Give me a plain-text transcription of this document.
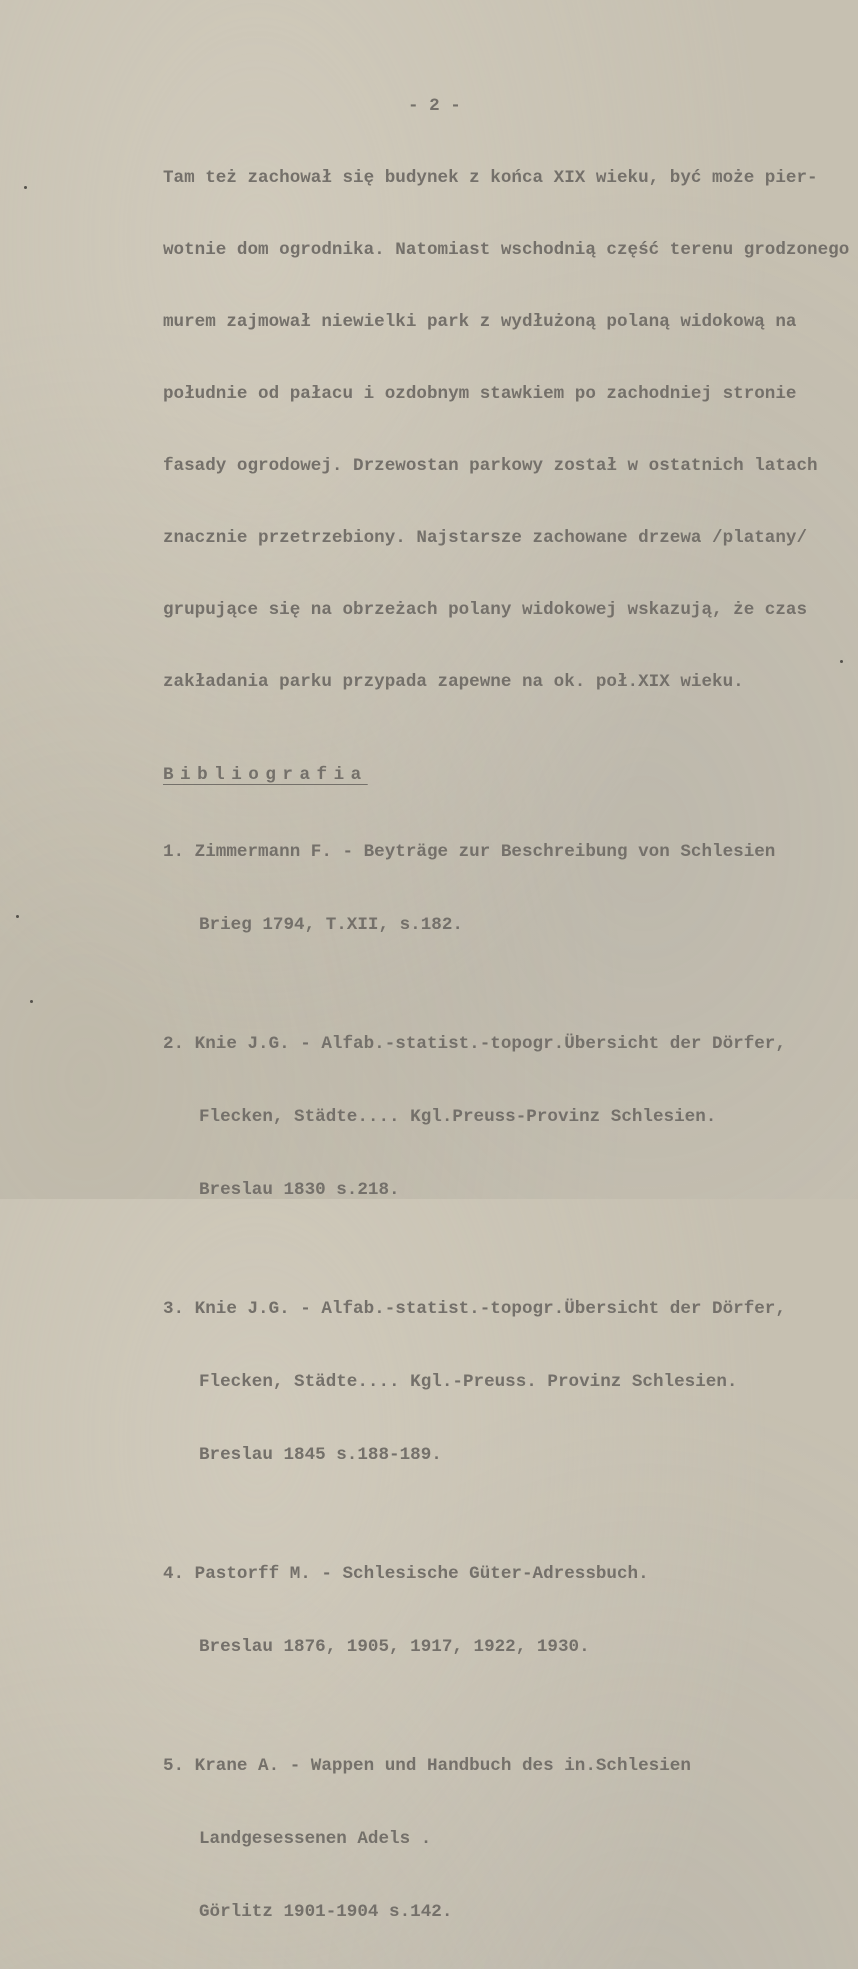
- 2 -

Tam też zachował się budynek z końca XIX wieku, być może pier-

wotnie dom ogrodnika. Natomiast wschodnią część terenu grodzonego

murem zajmował niewielki park z wydłużoną polaną widokową na

południe od pałacu i ozdobnym stawkiem po zachodniej stronie

fasady ogrodowej. Drzewostan parkowy został w ostatnich latach

znacznie przetrzebiony. Najstarsze zachowane drzewa /platany/

grupujące się na obrzeżach polany widokowej wskazują, że czas

zakładania parku przypada zapewne na ok. poł.XIX wieku.

Bibliografia

1. Zimmermann F. - Beyträge zur Beschreibung von Schlesien

Brieg 1794, T.XII, s.182.

2. Knie J.G. - Alfab.-statist.-topogr.Übersicht der Dörfer,

Flecken, Städte.... Kgl.Preuss-Provinz Schlesien.

Breslau 1830 s.218.

3. Knie J.G. - Alfab.-statist.-topogr.Übersicht der Dörfer,

Flecken, Städte.... Kgl.-Preuss. Provinz Schlesien.

Breslau 1845 s.188-189.

4. Pastorff M. - Schlesische Güter-Adressbuch.

Breslau 1876, 1905, 1917, 1922, 1930.

5. Krane A. - Wappen und Handbuch des in.Schlesien

Landgesessenen Adels .

Görlitz 1901-1904 s.142.
